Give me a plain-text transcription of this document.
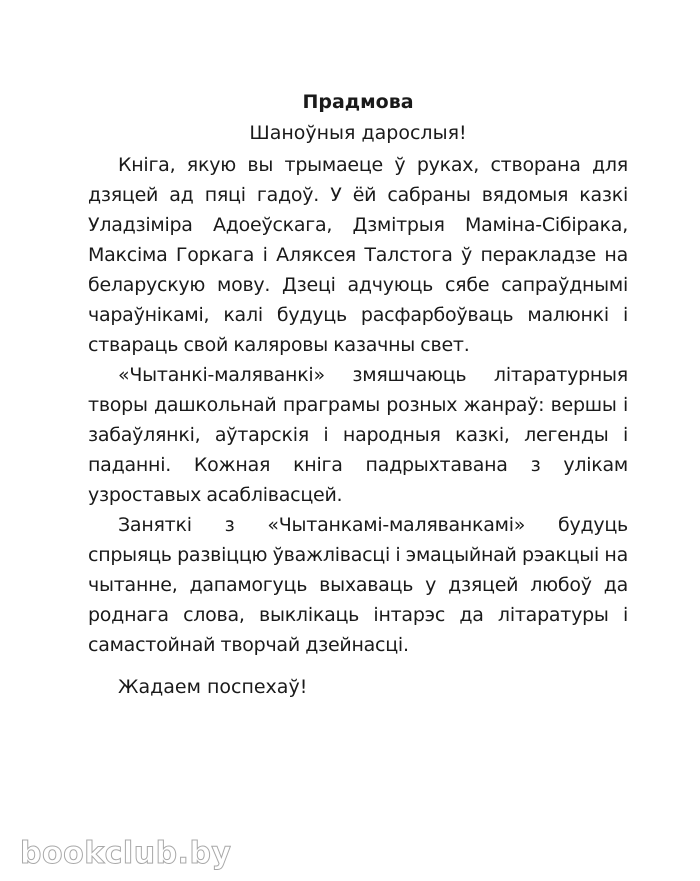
Прадмова

Шаноўныя дарослыя!

Кніга, якую вы трымаеце ў руках, створана для дзяцей ад пяці гадоў. У ёй сабраны вядомыя казкі Уладзіміра Адоеўскага, Дзмітрыя Маміна-Сібірака, Максіма Горкага і Аляксея Талстога ў перакладзе на беларускую мову. Дзеці адчуюць сябе сапраўднымі чараўнікамі, калі будуць расфарбоўваць малюнкі і ствараць свой каляровы казачны свет.

«Чытанкі-маляванкі» змяшчаюць літаратурныя творы дашкольнай праграмы розных жанраў: вершы і забаўлянкі, аўтарскія і народныя казкі, легенды і паданні. Кожная кніга падрыхтавана з улікам узроставых асаблівасцей.

Заняткі з «Чытанкамі-маляванкамі» будуць спрыяць развіццю ўважлівасці і эмацыйнай рэакцыі на чытанне, дапамогуць выхаваць у дзяцей любоў да роднага слова, выклікаць інтарэс да літаратуры і самастойнай творчай дзейнасці.

Жадаем поспехаў!

bookclub.by
